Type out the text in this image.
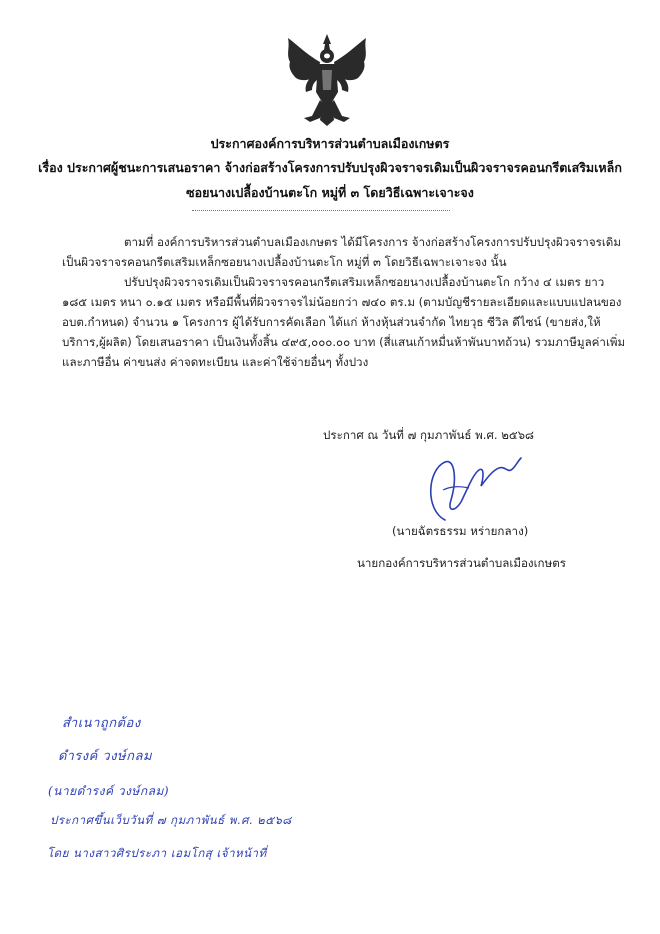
ประกาศองค์การบริหารส่วนตำบลเมืองเกษตร
เรื่อง ประกาศผู้ชนะการเสนอราคา จ้างก่อสร้างโครงการปรับปรุงผิวจราจรเดิมเป็นผิวจราจรคอนกรีตเสริมเหล็ก
ซอยนางเปลื้องบ้านตะโก หมู่ที่ ๓ โดยวิธีเฉพาะเจาะจง
ตามที่ องค์การบริหารส่วนตำบลเมืองเกษตร ได้มีโครงการ จ้างก่อสร้างโครงการปรับปรุงผิวจราจรเดิม
เป็นผิวจราจรคอนกรีตเสริมเหล็กซอยนางเปลื้องบ้านตะโก หมู่ที่ ๓ โดยวิธีเฉพาะเจาะจง นั้น
ปรับปรุงผิวจราจรเดิมเป็นผิวจราจรคอนกรีตเสริมเหล็กซอยนางเปลื้องบ้านตะโก กว้าง ๔ เมตร ยาว
๑๘๕ เมตร หนา ๐.๑๕ เมตร หรือมีพื้นที่ผิวจราจรไม่น้อยกว่า ๗๔๐ ตร.ม (ตามบัญชีรายละเอียดและแบบแปลนของ
อบต.กำหนด) จำนวน ๑ โครงการ ผู้ได้รับการคัดเลือก ได้แก่ ห้างหุ้นส่วนจำกัด ไทยวุธ ซีวิล ดีไซน์ (ขายส่ง,ให้
บริการ,ผู้ผลิต) โดยเสนอราคา เป็นเงินทั้งสิ้น ๔๙๕,๐๐๐.๐๐ บาท (สี่แสนเก้าหมื่นห้าพันบาทถ้วน) รวมภาษีมูลค่าเพิ่ม
และภาษีอื่น ค่าขนส่ง ค่าจดทะเบียน และค่าใช้จ่ายอื่นๆ ทั้งปวง
ประกาศ ณ วันที่ ๗ กุมภาพันธ์ พ.ศ. ๒๕๖๘
(นายฉัตรธรรม หร่ายกลาง)
นายกองค์การบริหารส่วนตำบลเมืองเกษตร
สำเนาถูกต้อง
ดำรงค์ วงษ์กลม
(นายดำรงค์ วงษ์กลม)
ประกาศขึ้นเว็บวันที่ ๗ กุมภาพันธ์ พ.ศ. ๒๕๖๘
โดย นางสาวศิรประภา เอมโกสุ เจ้าหน้าที่
